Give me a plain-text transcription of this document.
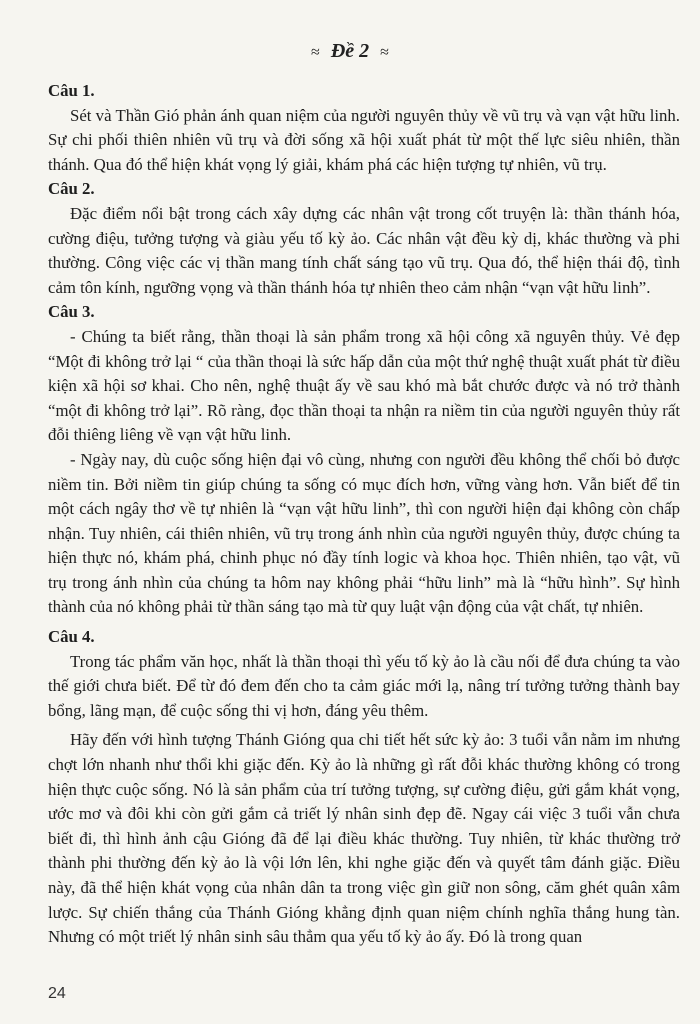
≈ Đề 2 ≈

Câu 1.

Sét và Thần Gió phản ánh quan niệm của người nguyên thủy về vũ trụ và vạn vật hữu linh. Sự chi phối thiên nhiên vũ trụ và đời sống xã hội xuất phát từ một thế lực siêu nhiên, thần thánh. Qua đó thể hiện khát vọng lý giải, khám phá các hiện tượng tự nhiên, vũ trụ.

Câu 2.

Đặc điểm nổi bật trong cách xây dựng các nhân vật trong cốt truyện là: thần thánh hóa, cường điệu, tưởng tượng và giàu yếu tố kỳ ảo. Các nhân vật đều kỳ dị, khác thường và phi thường. Công việc các vị thần mang tính chất sáng tạo vũ trụ. Qua đó, thể hiện thái độ, tình cảm tôn kính, ngưỡng vọng và thần thánh hóa tự nhiên theo cảm nhận “vạn vật hữu linh”.

Câu 3.

- Chúng ta biết rằng, thần thoại là sản phẩm trong xã hội công xã nguyên thủy. Vẻ đẹp “Một đi không trở lại “ của thần thoại là sức hấp dẫn của một thứ nghệ thuật xuất phát từ điều kiện xã hội sơ khai. Cho nên, nghệ thuật ấy về sau khó mà bắt chước được và nó trở thành “một đi không trở lại”. Rõ ràng, đọc thần thoại ta nhận ra niềm tin của người nguyên thủy rất đỗi thiêng liêng về vạn vật hữu linh.

- Ngày nay, dù cuộc sống hiện đại vô cùng, nhưng con người đều không thể chối bỏ được niềm tin. Bởi niềm tin giúp chúng ta sống có mục đích hơn, vững vàng hơn. Vẫn biết để tin một cách ngây thơ về tự nhiên là “vạn vật hữu linh”, thì con người hiện đại không còn chấp nhận. Tuy nhiên, cái thiên nhiên, vũ trụ trong ánh nhìn của người nguyên thủy, được chúng ta hiện thực nó, khám phá, chinh phục nó đầy tính logic và khoa học. Thiên nhiên, tạo vật, vũ trụ trong ánh nhìn của chúng ta hôm nay không phải “hữu linh” mà là “hữu hình”. Sự hình thành của nó không phải từ thần sáng tạo mà từ quy luật vận động của vật chất, tự nhiên.

Câu 4.

Trong tác phẩm văn học, nhất là thần thoại thì yếu tố kỳ ảo là cầu nối để đưa chúng ta vào thế giới chưa biết. Để từ đó đem đến cho ta cảm giác mới lạ, nâng trí tưởng tưởng thành bay bổng, lãng mạn, để cuộc sống thi vị hơn, đáng yêu thêm.

Hãy đến với hình tượng Thánh Gióng qua chi tiết hết sức kỳ ảo: 3 tuổi vẫn nằm im nhưng chợt lớn nhanh như thổi khi giặc đến. Kỳ ảo là những gì rất đỗi khác thường không có trong hiện thực cuộc sống. Nó là sản phẩm của trí tưởng tượng, sự cường điệu, gửi gắm khát vọng, ước mơ và đôi khi còn gửi gắm cả triết lý nhân sinh đẹp đẽ. Ngay cái việc 3 tuổi vẫn chưa biết đi, thì hình ảnh cậu Gióng đã để lại điều khác thường. Tuy nhiên, từ khác thường trở thành phi thường đến kỳ ảo là vội lớn lên, khi nghe giặc đến và quyết tâm đánh giặc. Điều này, đã thể hiện khát vọng của nhân dân ta trong việc gìn giữ non sông, căm ghét quân xâm lược. Sự chiến thắng của Thánh Gióng khẳng định quan niệm chính nghĩa thắng hung tàn. Nhưng có một triết lý nhân sinh sâu thẳm qua yếu tố kỳ ảo ấy. Đó là trong quan

24
